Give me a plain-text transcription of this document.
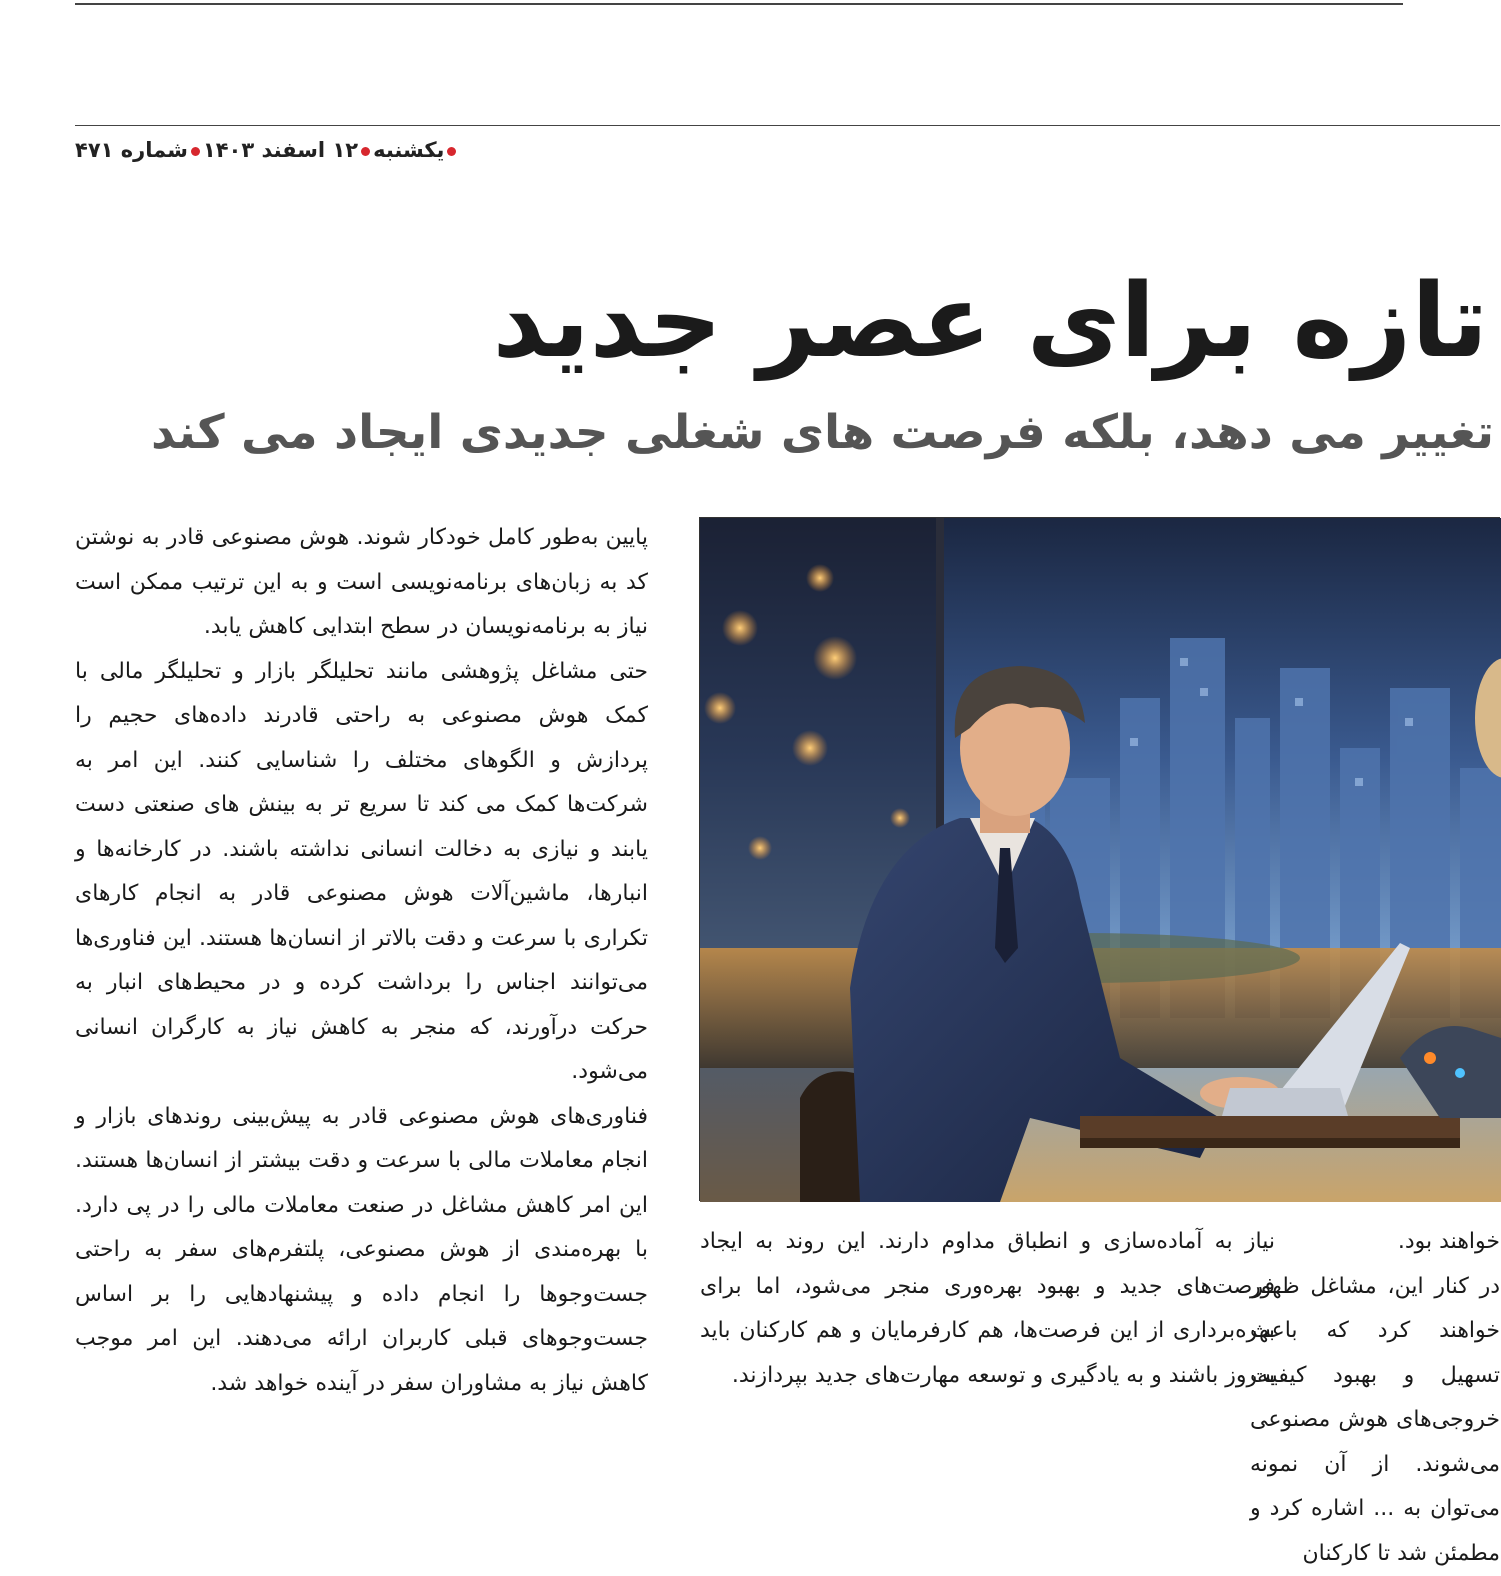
یکشنبه۱۲ اسفند ۱۴۰۳شماره ۴۷۱
تازه برای عصر جدید
تغییر می دهد، بلکه فرصت های شغلی جدیدی ایجاد می کند

پایین به‌طور کامل خودکار شوند. هوش مصنوعی قادر به نوشتن کد به زبان‌های برنامه‌نویسی است و به این ترتیب ممکن است نیاز به برنامه‌نویسان در سطح ابتدایی کاهش یابد.

حتی مشاغل پژوهشی مانند تحلیلگر بازار و تحلیلگر مالی با کمک هوش مصنوعی به راحتی قادرند داده‌های حجیم را پردازش و الگوهای مختلف را شناسایی کنند. این امر به شرکت‌ها کمک می کند تا سریع تر به بینش های صنعتی دست یابند و نیازی به دخالت انسانی نداشته باشند. در کارخانه‌ها و انبارها، ماشین‌آلات هوش مصنوعی قادر به انجام کارهای تکراری با سرعت و دقت بالاتر از انسان‌ها هستند. این فناوری‌ها می‌توانند اجناس را برداشت کرده و در محیط‌های انبار به حرکت درآورند، که منجر به کاهش نیاز به کارگران انسانی می‌شود.

فناوری‌های هوش مصنوعی قادر به پیش‌بینی روندهای بازار و انجام معاملات مالی با سرعت و دقت بیشتر از انسان‌ها هستند. این امر کاهش مشاغل در صنعت معاملات مالی را در پی دارد. با بهره‌مندی از هوش مصنوعی، پلتفرم‌های سفر به راحتی جست‌وجوها را انجام داده و پیشنهادهایی را بر اساس جست‌وجوهای قبلی کاربران ارائه می‌دهند. این امر موجب کاهش نیاز به مشاوران سفر در آینده خواهد شد.

نیاز به آماده‌سازی و انطباق مداوم دارند. این روند به ایجاد فرصت‌های جدید و بهبود بهره‌وری منجر می‌شود، اما برای بهره‌برداری از این فرصت‌ها، هم کارفرمایان و هم کارکنان باید به‌روز باشند و به یادگیری و توسعه مهارت‌های جدید بپردازند.

خواهند بود.

در کنار این، مشاغل ظهور خواهند کرد که باعث تسهیل و بهبود کیفیت خروجی‌های هوش مصنوعی می‌شوند. از آن نمونه می‌توان به ... اشاره کرد و مطمئن شد تا کارکنان
